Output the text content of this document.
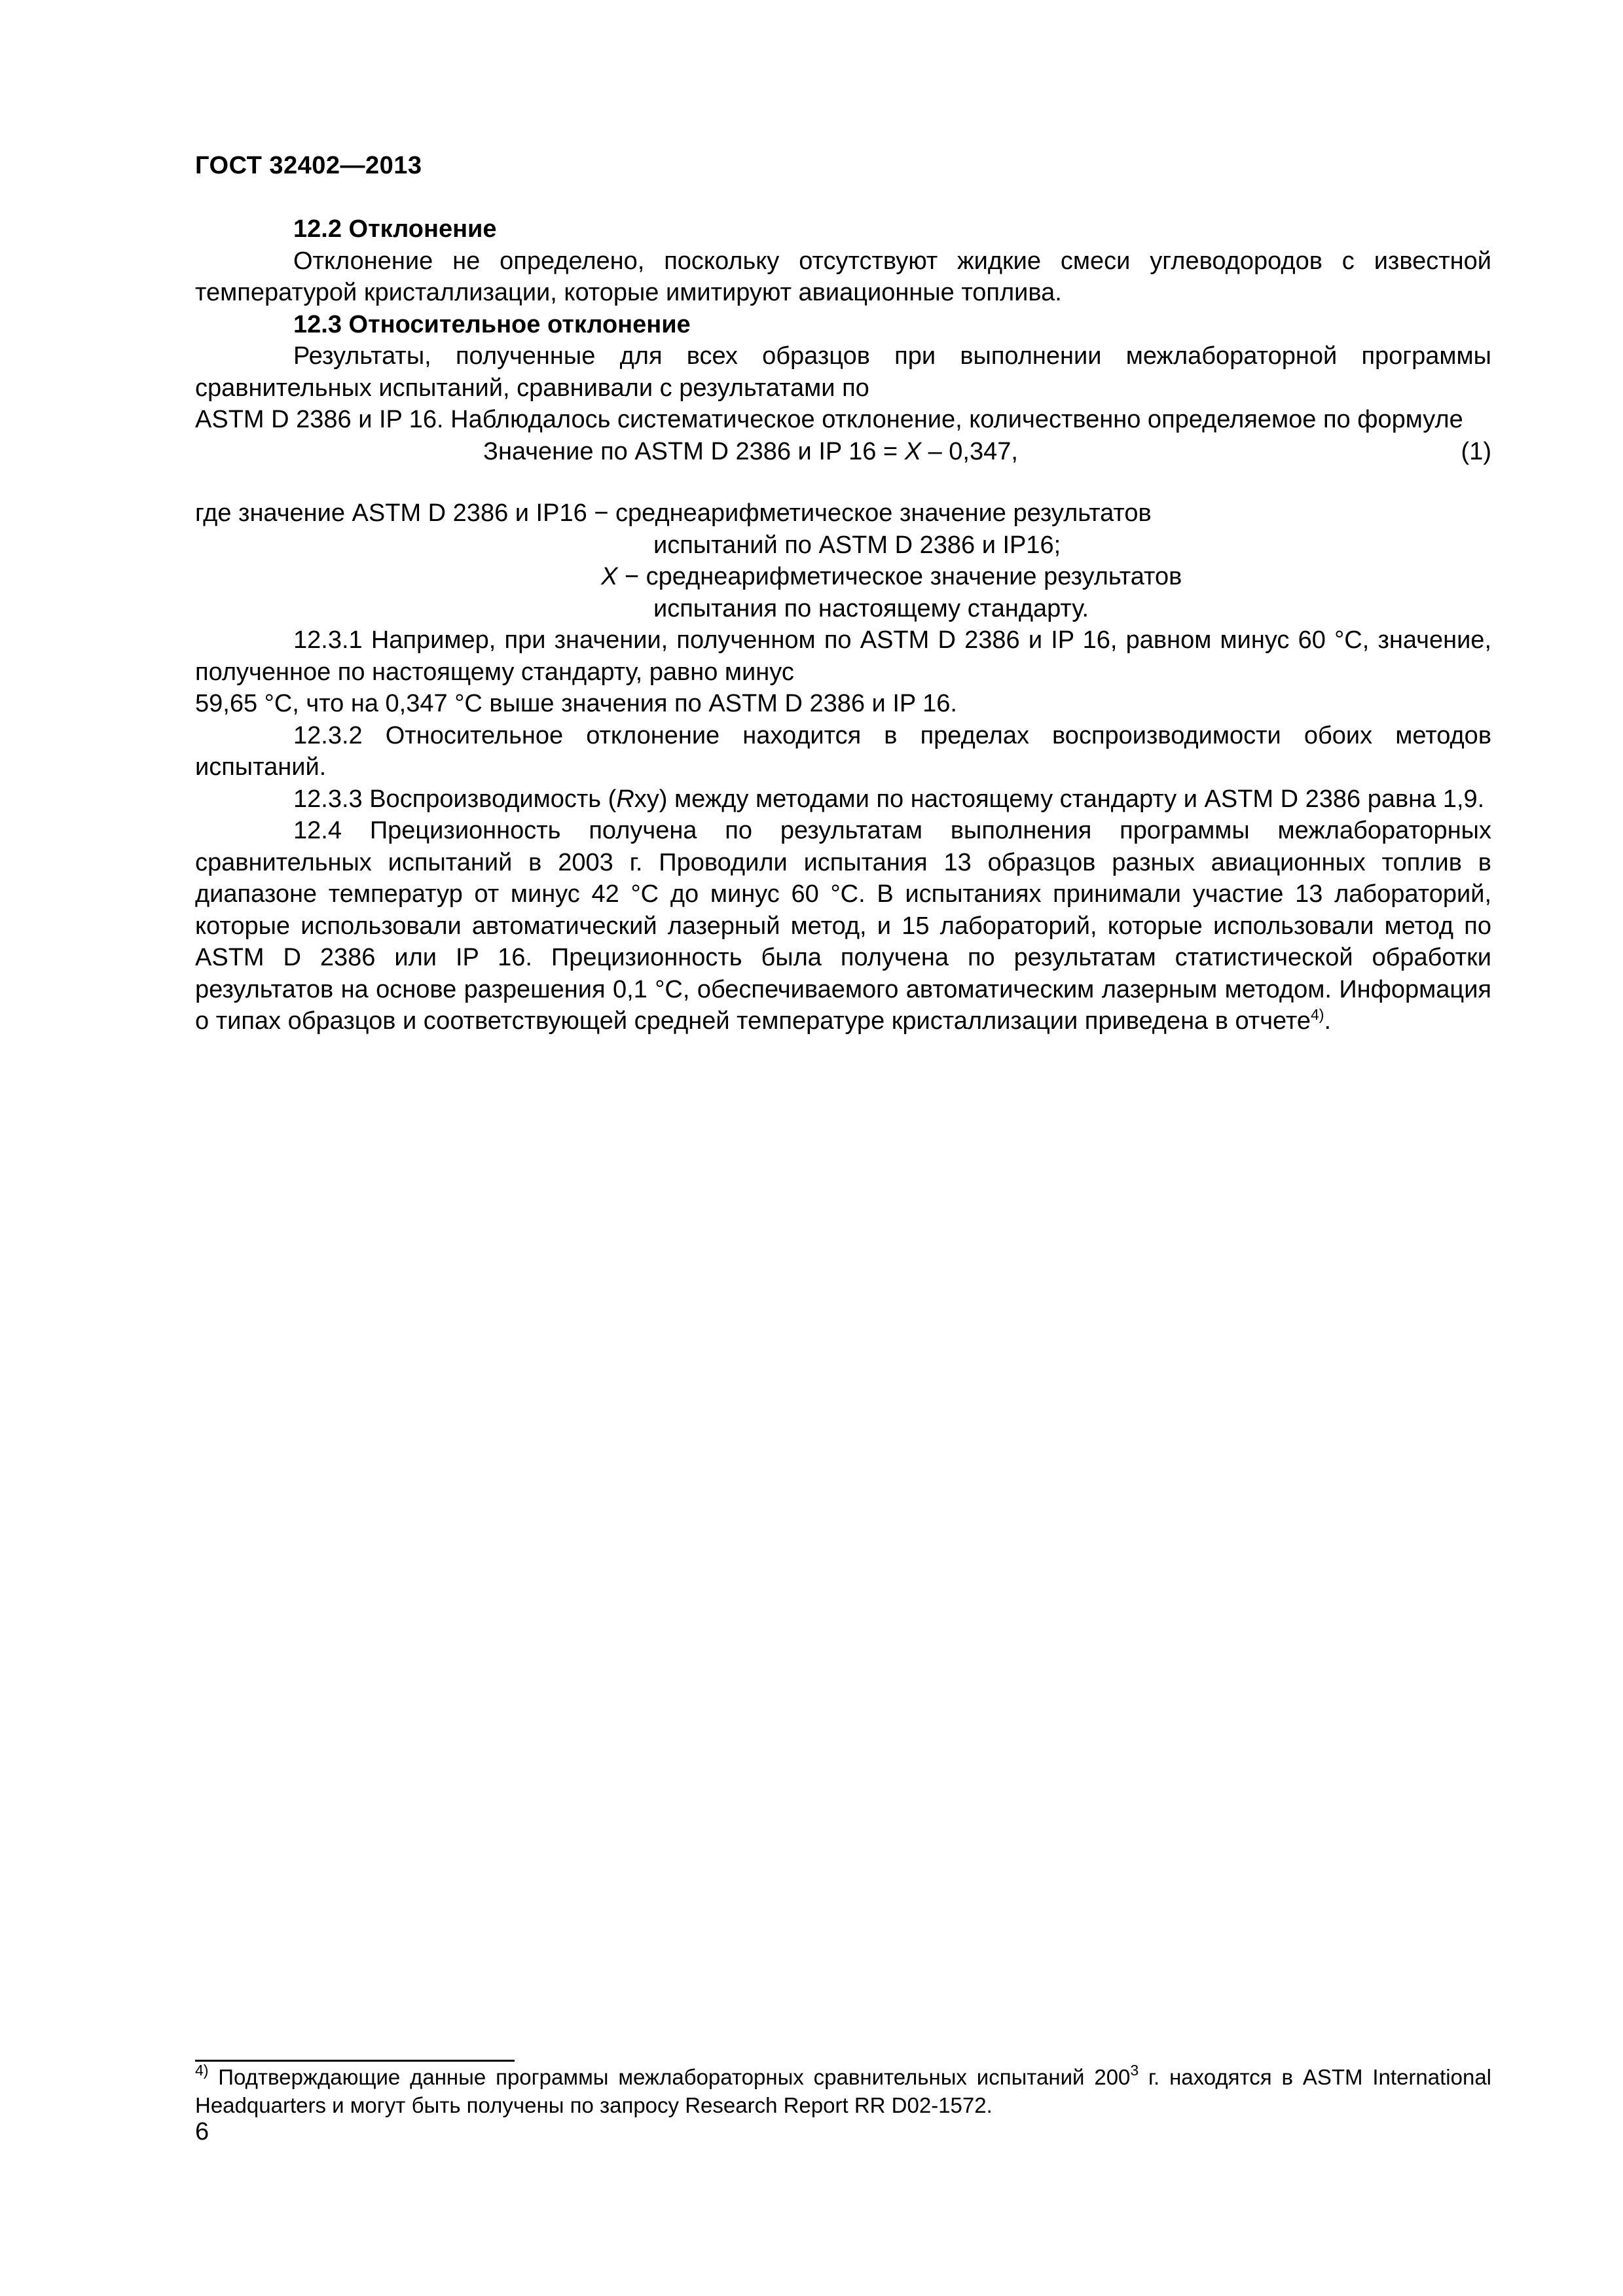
ГОСТ 32402—2013

12.2 Отклонение

Отклонение не определено, поскольку отсутствуют жидкие смеси углеводородов с известной температурой кристаллизации, которые имитируют авиационные топлива.

12.3 Относительное отклонение

Результаты, полученные для всех образцов при выполнении межлабораторной программы сравнительных испытаний, сравнивали с результатами по

ASTM D 2386 и IP 16. Наблюдалось систематическое отклонение, количественно определяемое по формуле

Значение по ASTM D 2386 и IP 16 = X – 0,347,	(1)

где значение ASTM D 2386 и IP16 − среднеарифметическое значение результатов

испытаний по ASTM D 2386 и IP16;

X − среднеарифметическое значение результатов

испытания по настоящему стандарту.

12.3.1 Например, при значении, полученном по ASTM D 2386 и IP 16, равном минус 60 °С, значение, полученное по настоящему стандарту, равно минус

59,65 °С, что на 0,347 °С выше значения по ASTM D 2386 и IP 16.

12.3.2 Относительное отклонение находится в пределах воспроизводимости обоих методов испытаний.

12.3.3 Воспроизводимость (Rxy) между методами по настоящему стандарту и ASTM D 2386 равна 1,9.

12.4 Прецизионность получена по результатам выполнения программы межлабораторных сравнительных испытаний в 2003 г. Проводили испытания 13 образцов разных авиационных топлив в диапазоне температур от минус 42 °С до минус 60 °С. В испытаниях принимали участие 13 лабораторий, которые использовали автоматический лазерный метод, и 15 лабораторий, которые использовали метод по ASTM D 2386 или IP 16. Прецизионность была получена по результатам статистической обработки результатов на основе разрешения 0,1 °С, обеспечиваемого автоматическим лазерным методом. Информация о типах образцов и соответствующей средней температуре кристаллизации приведена в отчете$^{4)}$.

$^{4)}$ Подтверждающие данные программы межлабораторных сравнительных испытаний 200$^3$ г. находятся в ASTM International Headquarters и могут быть получены по запросу Research Report RR D02-1572.

6
